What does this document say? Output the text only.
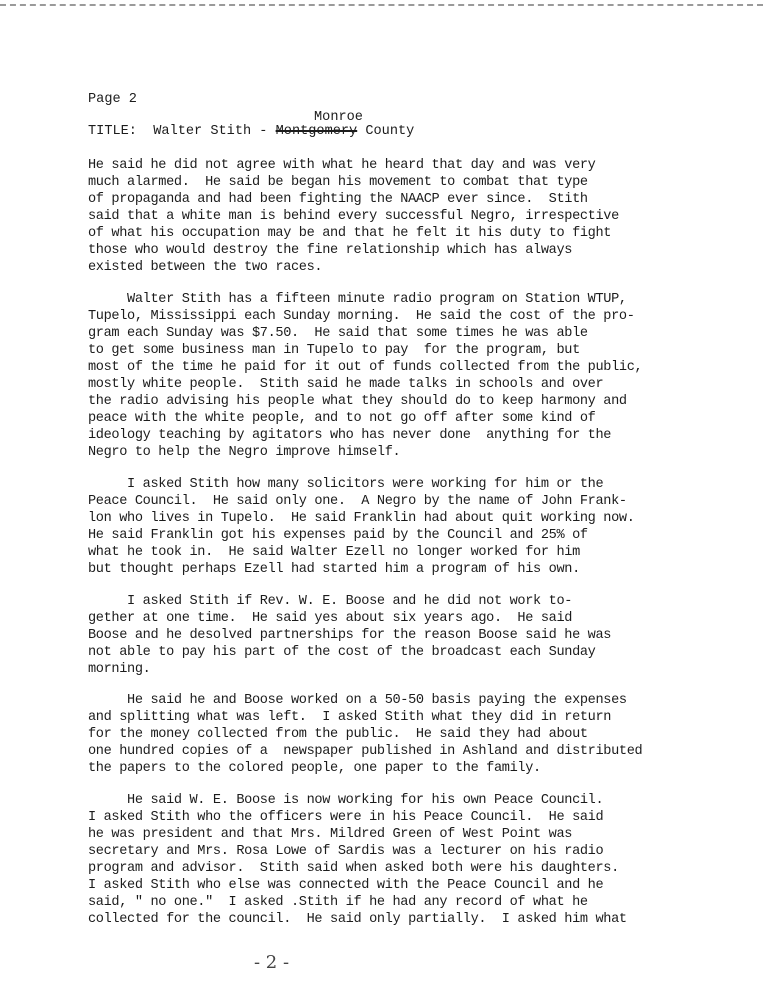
Page 2
Monroe
TITLE:  Walter Stith - Montgomery County
He said he did not agree with what he heard that day and was very
much alarmed.  He said be began his movement to combat that type
of propaganda and had been fighting the NAACP ever since.  Stith
said that a white man is behind every successful Negro, irrespective
of what his occupation may be and that he felt it his duty to fight
those who would destroy the fine relationship which has always
existed between the two races.
Walter Stith has a fifteen minute radio program on Station WTUP,
Tupelo, Mississippi each Sunday morning.  He said the cost of the pro-
gram each Sunday was $7.50.  He said that some times he was able
to get some business man in Tupelo to pay  for the program, but
most of the time he paid for it out of funds collected from the public,
mostly white people.  Stith said he made talks in schools and over
the radio advising his people what they should do to keep harmony and
peace with the white people, and to not go off after some kind of
ideology teaching by agitators who has never done  anything for the
Negro to help the Negro improve himself.
I asked Stith how many solicitors were working for him or the
Peace Council.  He said only one.  A Negro by the name of John Frank-
lon who lives in Tupelo.  He said Franklin had about quit working now.
He said Franklin got his expenses paid by the Council and 25% of
what he took in.  He said Walter Ezell no longer worked for him
but thought perhaps Ezell had started him a program of his own.
I asked Stith if Rev. W. E. Boose and he did not work to-
gether at one time.  He said yes about six years ago.  He said
Boose and he desolved partnerships for the reason Boose said he was
not able to pay his part of the cost of the broadcast each Sunday
morning.
He said he and Boose worked on a 50-50 basis paying the expenses
and splitting what was left.  I asked Stith what they did in return
for the money collected from the public.  He said they had about
one hundred copies of a  newspaper published in Ashland and distributed
the papers to the colored people, one paper to the family.
He said W. E. Boose is now working for his own Peace Council.
I asked Stith who the officers were in his Peace Council.  He said
he was president and that Mrs. Mildred Green of West Point was
secretary and Mrs. Rosa Lowe of Sardis was a lecturer on his radio
program and advisor.  Stith said when asked both were his daughters.
I asked Stith who else was connected with the Peace Council and he
said, " no one."  I asked .Stith if he had any record of what he
collected for the council.  He said only partially.  I asked him what
- 2 -
